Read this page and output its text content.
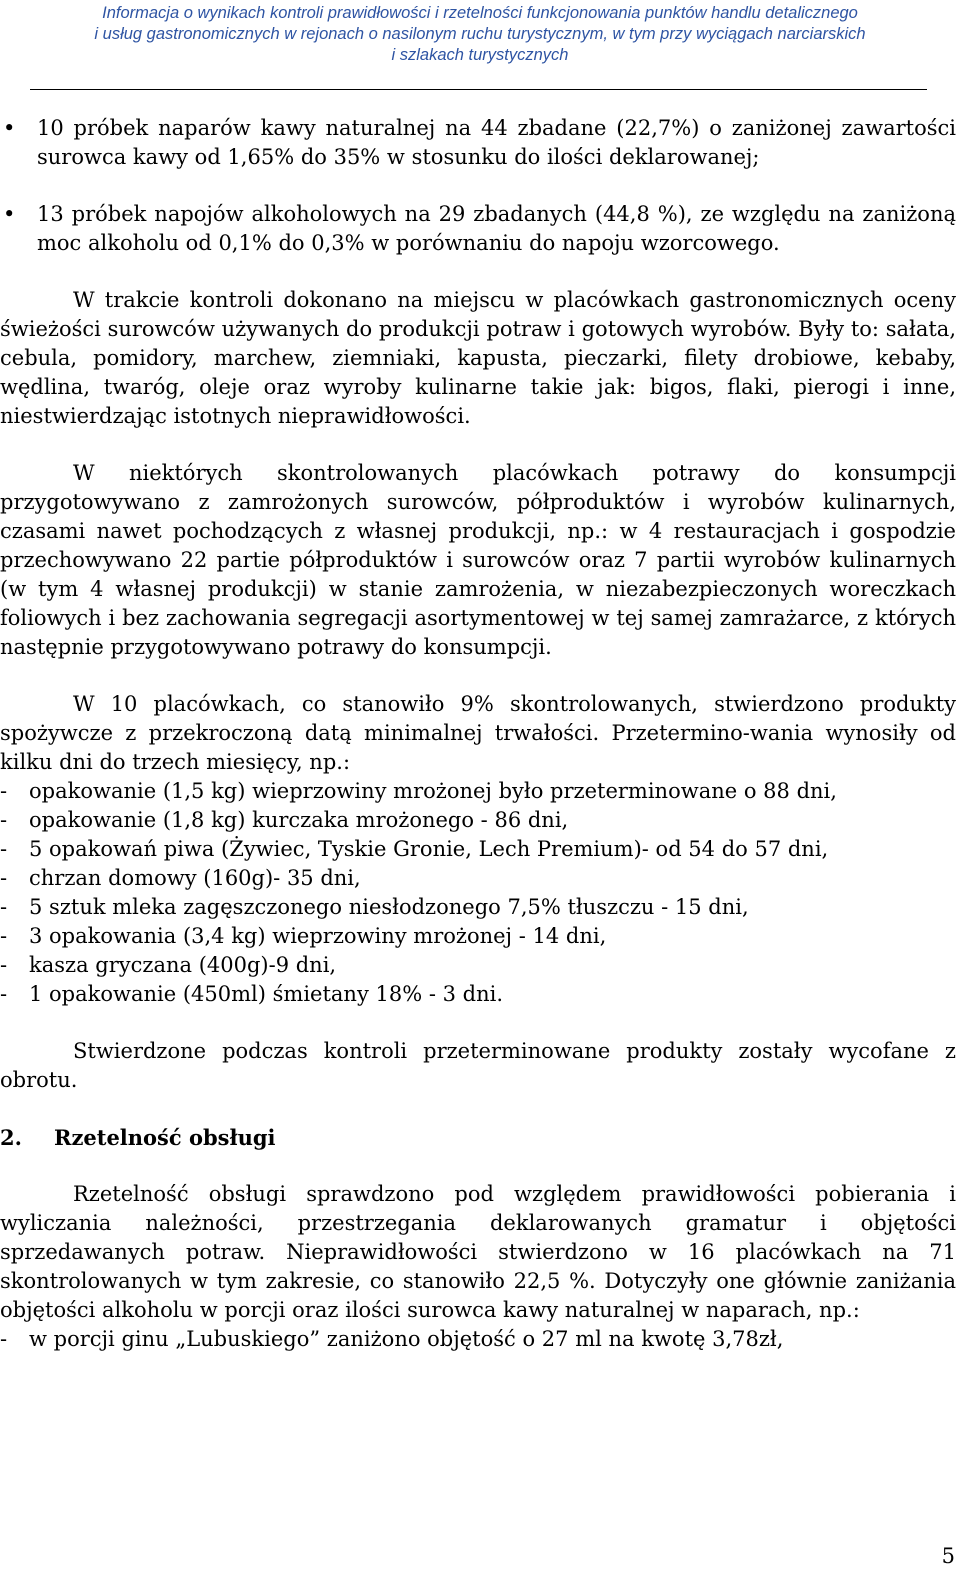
Informacja o wynikach kontroli prawidłowości i rzetelności funkcjonowania punktów handlu detalicznego
i usług gastronomicznych w rejonach o nasilonym ruchu turystycznym, w tym przy wyciągach narciarskich
i szlakach turystycznych

• 10 próbek naparów kawy naturalnej na 44 zbadane (22,7%) o zaniżonej zawartości surowca kawy od 1,65% do 35% w stosunku do ilości deklarowanej;

• 13 próbek napojów alkoholowych na 29 zbadanych (44,8 %), ze względu na zaniżoną moc alkoholu od 0,1% do 0,3% w porównaniu do napoju wzorcowego.

W trakcie kontroli dokonano na miejscu w placówkach gastronomicznych oceny świeżości surowców używanych do produkcji potraw i gotowych wyrobów. Były to: sałata, cebula, pomidory, marchew, ziemniaki, kapusta, pieczarki, filety drobiowe, kebaby, wędlina, twaróg, oleje oraz wyroby kulinarne takie jak: bigos, flaki, pierogi i inne, niestwierdzając istotnych nieprawidłowości.

W niektórych skontrolowanych placówkach potrawy do konsumpcji przygotowywano z zamrożonych surowców, półproduktów i wyrobów kulinarnych, czasami nawet pochodzących z własnej produkcji, np.: w 4 restauracjach i gospodzie przechowywano 22 partie półproduktów i surowców oraz 7 partii wyrobów kulinarnych (w tym 4 własnej produkcji) w stanie zamrożenia, w niezabezpieczonych woreczkach foliowych i bez zachowania segregacji asortymentowej w tej samej zamrażarce, z których następnie przygotowywano potrawy do konsumpcji.

W 10 placówkach, co stanowiło 9% skontrolowanych, stwierdzono produkty spożywcze z przekroczoną datą minimalnej trwałości. Przetermino-wania wynosiły od kilku dni do trzech miesięcy, np.:

- opakowanie (1,5 kg) wieprzowiny mrożonej było przeterminowane o 88 dni,

- opakowanie (1,8 kg) kurczaka mrożonego - 86 dni,

- 5 opakowań piwa (Żywiec, Tyskie Gronie, Lech Premium)- od 54 do 57 dni,

- chrzan domowy (160g)- 35 dni,

- 5 sztuk mleka zagęszczonego niesłodzonego 7,5% tłuszczu - 15 dni,

- 3 opakowania (3,4 kg) wieprzowiny mrożonej - 14 dni,

- kasza gryczana (400g)-9 dni,

- 1 opakowanie (450ml) śmietany 18% - 3 dni.

Stwierdzone podczas kontroli przeterminowane produkty zostały wycofane z obrotu.

2. Rzetelność obsługi

Rzetelność obsługi sprawdzono pod względem prawidłowości pobierania i wyliczania należności, przestrzegania deklarowanych gramatur i objętości sprzedawanych potraw. Nieprawidłowości stwierdzono w 16 placówkach na 71 skontrolowanych w tym zakresie, co stanowiło 22,5 %. Dotyczyły one głównie zaniżania objętości alkoholu w porcji oraz ilości surowca kawy naturalnej w naparach, np.:

- w porcji ginu „Lubuskiego” zaniżono objętość o 27 ml na kwotę 3,78zł,

5
